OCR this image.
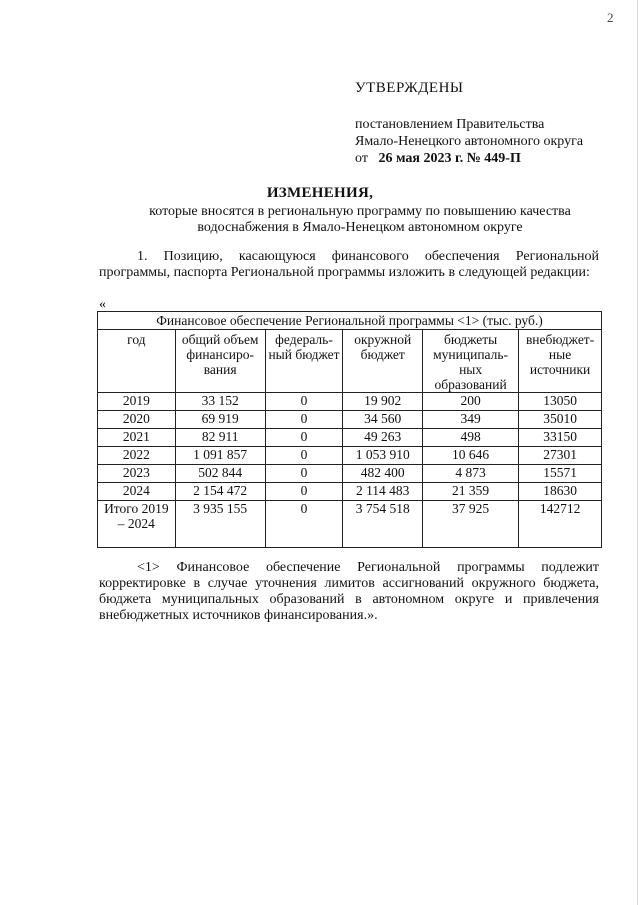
2
УТВЕРЖДЕНЫ
постановлением Правительства
Ямало-Ненецкого автономного округа
от 26 мая 2023 г. № 449-П
ИЗМЕНЕНИЯ,
которые вносятся в региональную программу по повышению качества водоснабжения в Ямало-Ненецком автономном округе
1. Позицию, касающуюся финансового обеспечения Региональной программы, паспорта Региональной программы изложить в следующей редакции:
«
Финансовое обеспечение Региональной программы <1> (тыс. руб.)					
год	общий объем финансиро-вания	федераль-ный бюджет	окружной бюджет	бюджеты муниципаль-ных образований	внебюджет-ные источники
2019	33 152	0	19 902	200	13050
2020	69 919	0	34 560	349	35010
2021	82 911	0	49 263	498	33150
2022	1 091 857	0	1 053 910	10 646	27301
2023	502 844	0	482 400	4 873	15571
2024	2 154 472	0	2 114 483	21 359	18630
Итого 2019 – 2024	3 935 155	0	3 754 518	37 925	142712
<1> Финансовое обеспечение Региональной программы подлежит корректировке в случае уточнения лимитов ассигнований окружного бюджета, бюджета муниципальных образований в автономном округе и привлечения внебюджетных источников финансирования.».
